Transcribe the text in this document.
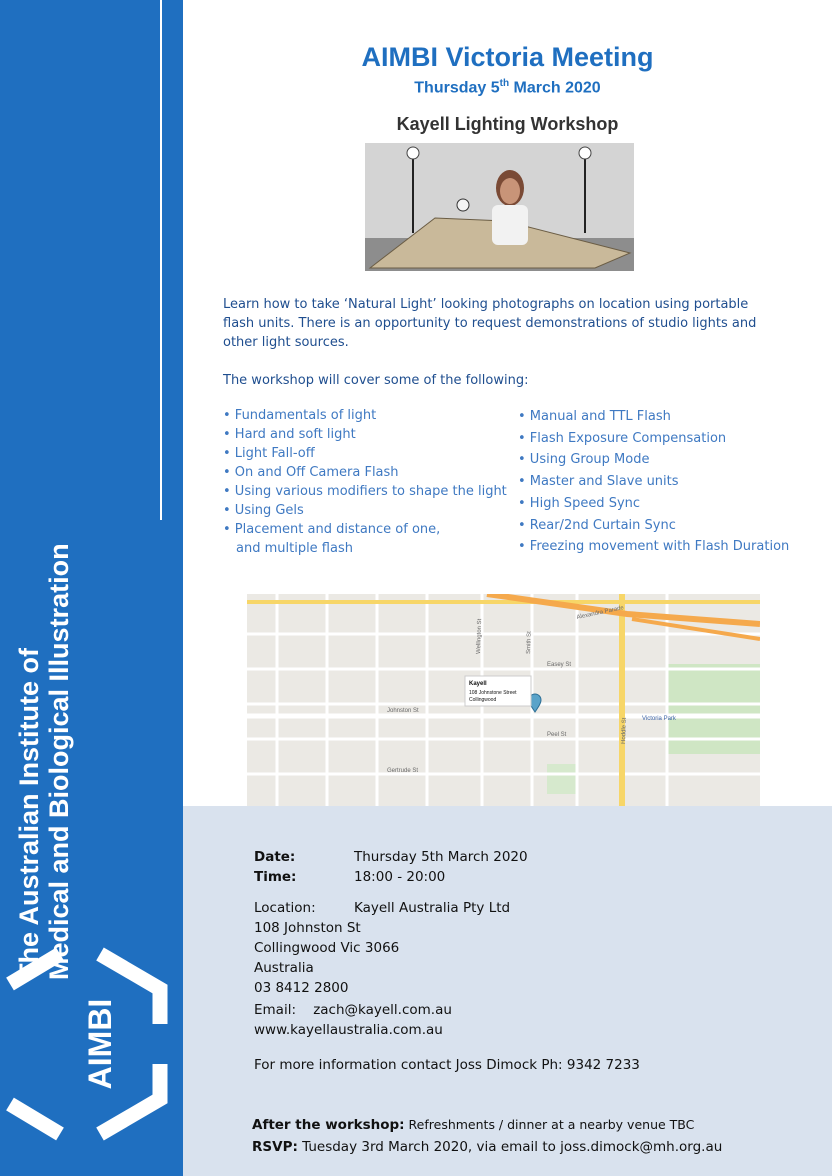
The Australian Institute of Medical and Biological Illustration
AIMBI
AIMBI Victoria Meeting
Thursday 5th March 2020
Kayell Lighting Workshop
Learn how to take ‘Natural Light’ looking photographs on location using portable flash units. There is an opportunity to request demonstrations of studio lights and other light sources.
The workshop will cover some of the following:
• Fundamentals of light
• Hard and soft light
• Light Fall-off
• On and Off Camera Flash
• Using various modifiers to shape the light
• Using Gels
• Placement and distance of one,
and multiple flash
• Manual and TTL Flash
• Flash Exposure Compensation
• Using Group Mode
• Master and Slave units
• High Speed Sync
• Rear/2nd Curtain Sync
• Freezing movement with Flash Duration
Kayell
108 Johnstone Street
Collingwood
Hoddle St Victoria Park
Alexandra Parade
Smith St
Wellington St
Johnston St
Gertrude St
Easey St
Peel St
Date:	Thursday 5th March 2020
Time:	18:00 - 20:00
Location:	Kayell Australia Pty Ltd
108 Johnston St
Collingwood Vic 3066
Australia
03 8412 2800
Email: zach@kayell.com.au
www.kayellaustralia.com.au
For more information contact Joss Dimock Ph: 9342 7233
After the workshop: Refreshments / dinner at a nearby venue TBC
RSVP: Tuesday 3rd March 2020, via email to joss.dimock@mh.org.au
